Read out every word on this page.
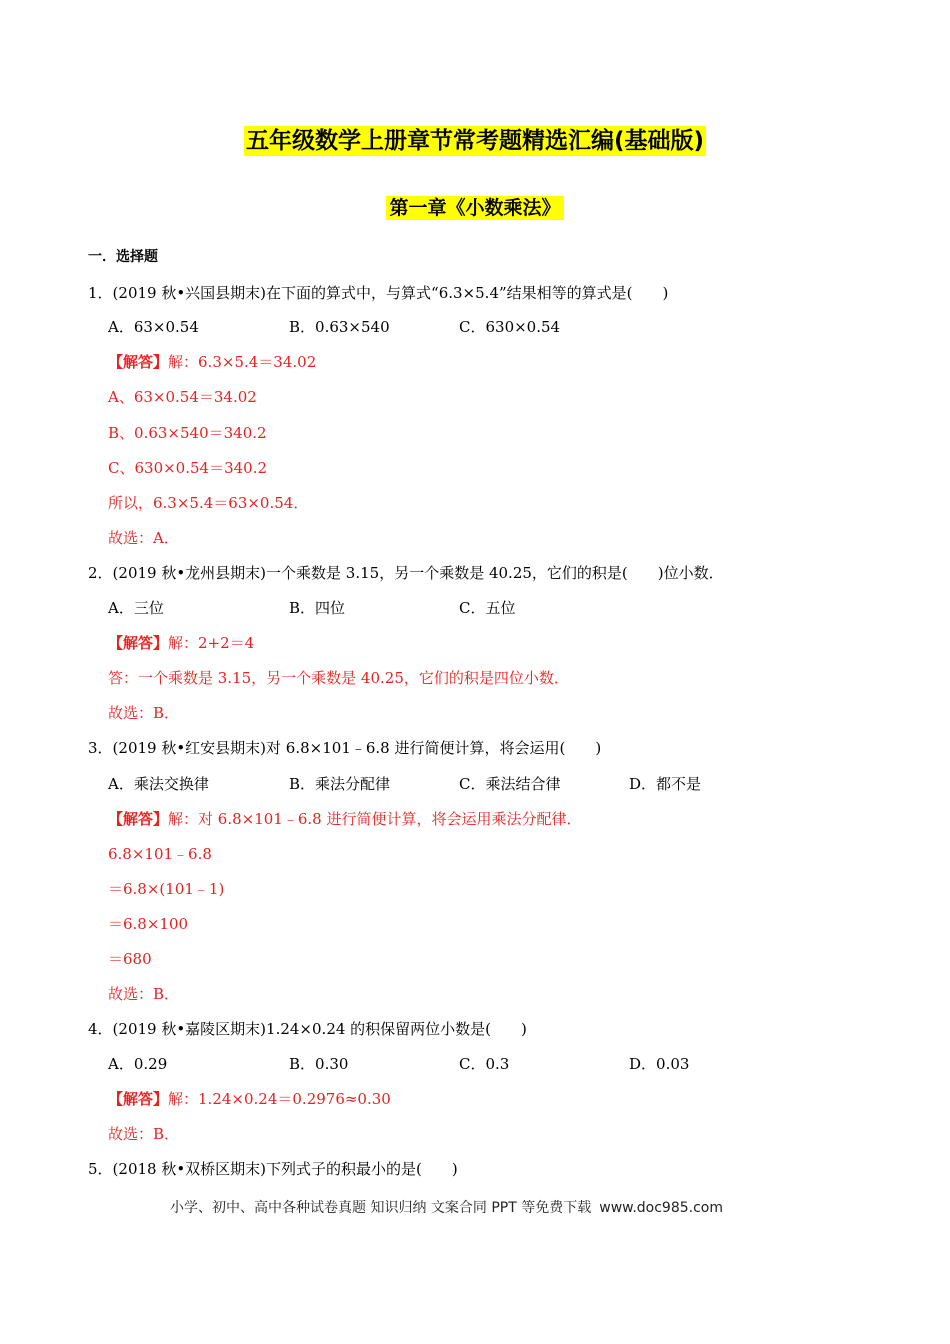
五年级数学上册章节常考题精选汇编(基础版)
第一章《小数乘法》
一．选择题
1．(2019 秋•兴国县期末)在下面的算式中，与算式“6.3×5.4”结果相等的算式是(　　)
A．63×0.54	B．0.63×540	C．630×0.54
【解答】解：6.3×5.4＝34.02
A、63×0.54＝34.02
B、0.63×540＝340.2
C、630×0.54＝340.2
所以，6.3×5.4＝63×0.54．
故选：A．
2．(2019 秋•龙州县期末)一个乘数是 3.15，另一个乘数是 40.25，它们的积是(　　)位小数．
A．三位	B．四位	C．五位
【解答】解：2+2＝4
答：一个乘数是 3.15，另一个乘数是 40.25，它们的积是四位小数．
故选：B．
3．(2019 秋•红安县期末)对 6.8×101﹣6.8 进行简便计算，将会运用(　　)
A．乘法交换律	B．乘法分配律	C．乘法结合律	D．都不是
【解答】解：对 6.8×101﹣6.8 进行简便计算，将会运用乘法分配律．
6.8×101﹣6.8
＝6.8×(101﹣1)
＝6.8×100
＝680
故选：B．
4．(2019 秋•嘉陵区期末)1.24×0.24 的积保留两位小数是(　　)
A．0.29	B．0.30	C．0.3	D．0.03
【解答】解：1.24×0.24＝0.2976≈0.30
故选：B．
5．(2018 秋•双桥区期末)下列式子的积最小的是(　　)
小学、初中、高中各种试卷真题 知识归纳 文案合同 PPT 等免费下载 www.doc985.com
